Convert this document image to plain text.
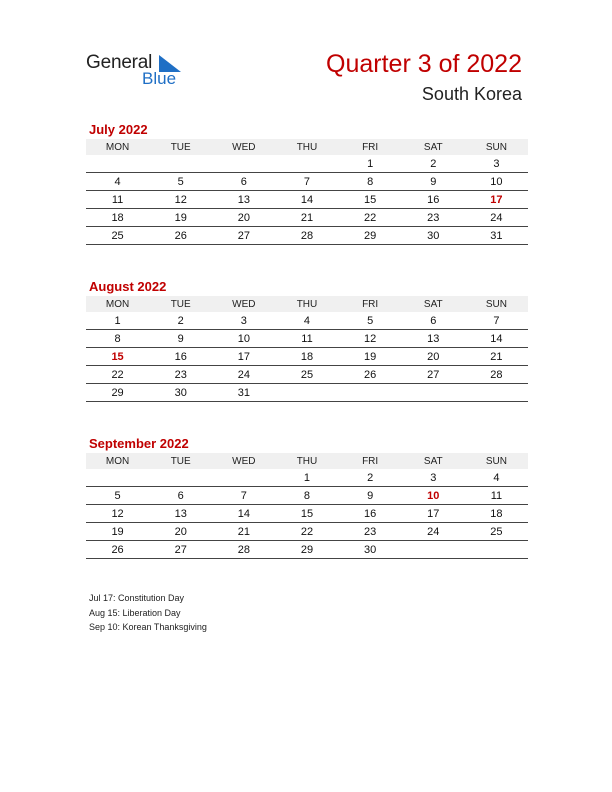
General
Blue
Quarter 3 of 2022
South Korea
July 2022
MON	TUE	WED	THU	FRI	SAT	SUN
				1	2	3
4	5	6	7	8	9	10
11	12	13	14	15	16	17
18	19	20	21	22	23	24
25	26	27	28	29	30	31
August 2022
MON	TUE	WED	THU	FRI	SAT	SUN
1	2	3	4	5	6	7
8	9	10	11	12	13	14
15	16	17	18	19	20	21
22	23	24	25	26	27	28
29	30	31				
September 2022
MON	TUE	WED	THU	FRI	SAT	SUN
			1	2	3	4
5	6	7	8	9	10	11
12	13	14	15	16	17	18
19	20	21	22	23	24	25
26	27	28	29	30		
Jul 17: Constitution Day
Aug 15: Liberation Day
Sep 10: Korean Thanksgiving
